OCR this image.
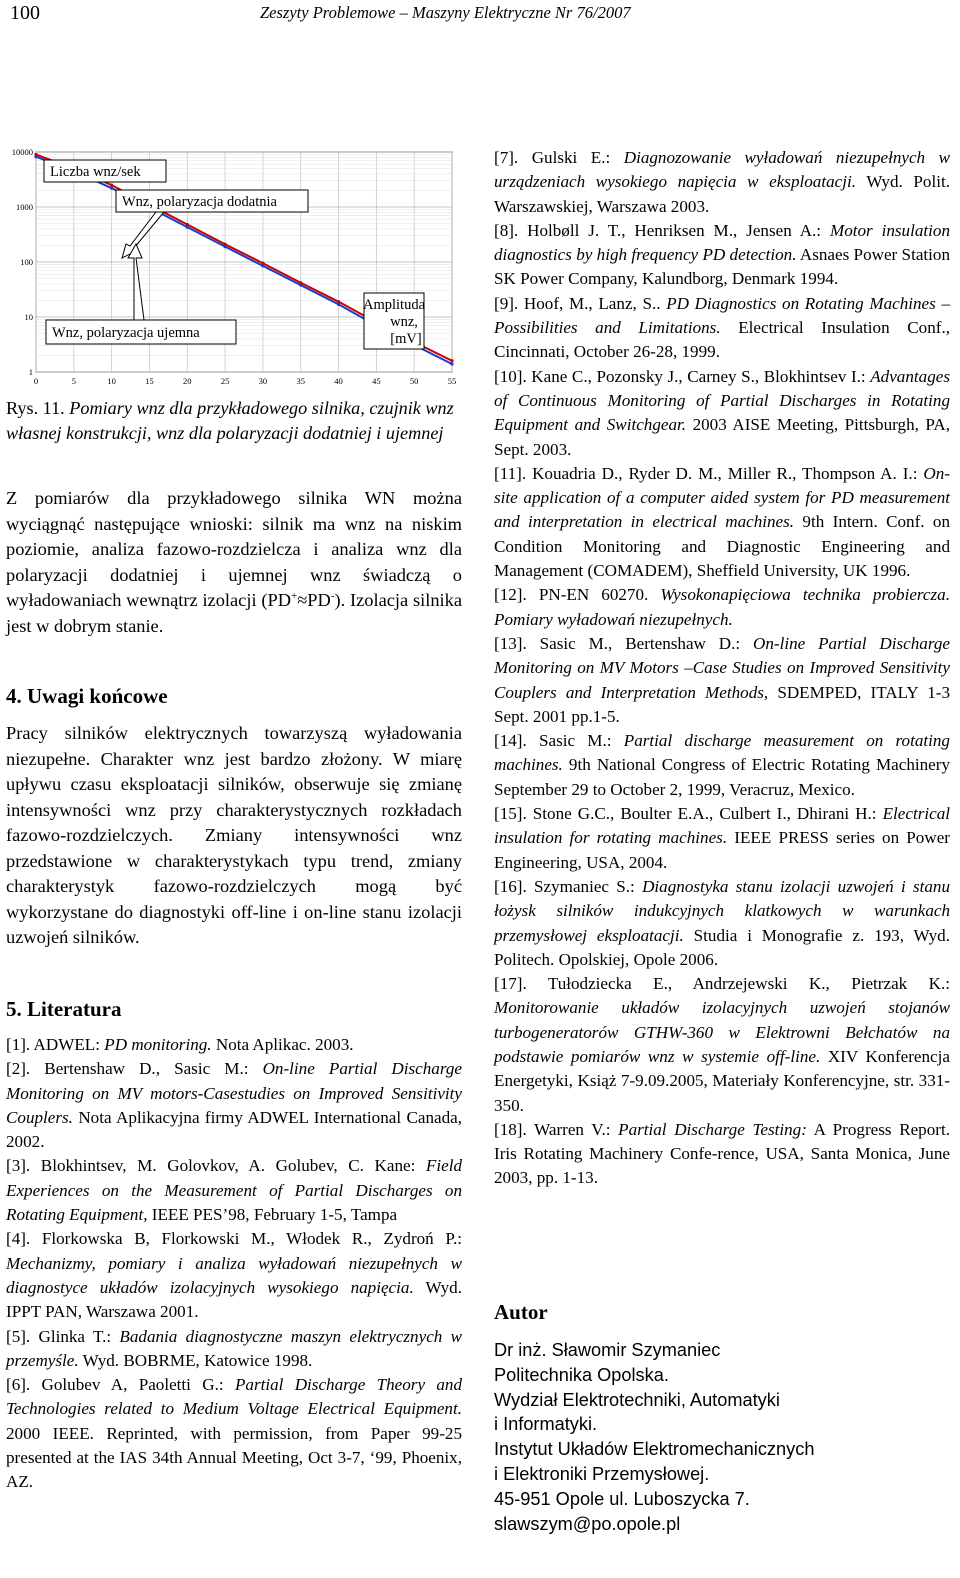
100	Zeszyty Problemowe – Maszyny Elektryczne Nr 76/2007
0	5	10	15	20	25	30	35	40	45	50	55
1
10
100
1000
10000
Liczba wnz/sek
Wnz, polaryzacja dodatnia
Wnz, polaryzacja ujemna
Amplituda
wnz,
[mV]
Rys. 11. Pomiary wnz dla przykładowego silnika, czujnik wnz własnej konstrukcji, wnz dla polaryzacji dodatniej i ujemnej
Z pomiarów dla przykładowego silnika WN można wyciągnąć następujące wnioski: silnik ma wnz na niskim poziomie, analiza fazowo-rozdzielcza i analiza wnz dla polaryzacji dodatniej i ujemnej wnz świadczą o wyładowaniach wewnątrz izolacji (PD+≈PD-). Izolacja silnika jest w dobrym stanie.
4. Uwagi końcowe
Pracy silników elektrycznych towarzyszą wyładowania niezupełne. Charakter wnz jest bardzo złożony. W miarę upływu czasu eksploatacji silników, obserwuje się zmianę intensywności wnz przy charakterystycznych rozkładach fazowo-rozdzielczych. Zmiany intensywności wnz przedstawione w charakterystykach typu trend, zmiany charakterystyk fazowo-rozdzielczych mogą być wykorzystane do diagnostyki off-line i on-line stanu izolacji uzwojeń silników.
5. Literatura
[1]. ADWEL: PD monitoring. Nota Aplikac. 2003.
[2]. Bertenshaw D., Sasic M.: On-line Partial Discharge Monitoring on MV motors-Casestudies on Improved Sensitivity Couplers. Nota Aplikacyjna firmy ADWEL International Canada, 2002.
[3]. Blokhintsev, M. Golovkov, A. Golubev, C. Kane: Field Experiences on the Measurement of Partial Discharges on Rotating Equipment, IEEE PES’98, February 1-5, Tampa
[4]. Florkowska B, Florkowski M., Włodek R., Zydroń P.: Mechanizmy, pomiary i analiza wyładowań niezupełnych w diagnostyce układów izolacyjnych wysokiego napięcia. Wyd. IPPT PAN, Warszawa 2001.
[5]. Glinka T.: Badania diagnostyczne maszyn elektrycznych w przemyśle. Wyd. BOBRME, Katowice 1998.
[6]. Golubev A, Paoletti G.: Partial Discharge Theory and Technologies related to Medium Voltage Electrical Equipment. 2000 IEEE. Reprinted, with permission, from Paper 99-25 presented at the IAS 34th Annual Meeting, Oct 3-7, ‘99, Phoenix, AZ.
[7]. Gulski E.: Diagnozowanie wyładowań niezupełnych w urządzeniach wysokiego napięcia w eksploatacji. Wyd. Polit. Warszawskiej, Warszawa 2003.
[8]. Holbøll J. T., Henriksen M., Jensen A.: Motor insulation diagnostics by high frequency PD detection. Asnaes Power Station SK Power Company, Kalundborg, Denmark 1994.
[9]. Hoof, M., Lanz, S.. PD Diagnostics on Rotating Machines – Possibilities and Limitations. Electrical Insulation Conf., Cincinnati, October 26-28, 1999.
[10]. Kane C., Pozonsky J., Carney S., Blokhintsev I.: Advantages of Continuous Monitoring of Partial Discharges in Rotating Equipment and Switchgear. 2003 AISE Meeting, Pittsburgh, PA, Sept. 2003.
[11]. Kouadria D., Ryder D. M., Miller R., Thompson A. I.: On-site application of a computer aided system for PD measurement and interpretation in electrical machines. 9th Intern. Conf. on Condition Monitoring and Diagnostic Engineering and Management (COMADEM), Sheffield University, UK 1996.
[12]. PN-EN 60270. Wysokonapięciowa technika probiercza. Pomiary wyładowań niezupełnych.
[13]. Sasic M., Bertenshaw D.: On-line Partial Discharge Monitoring on MV Motors –Case Studies on Improved Sensitivity Couplers and Interpretation Methods, SDEMPED, ITALY 1-3 Sept. 2001 pp.1-5.
[14]. Sasic M.: Partial discharge measurement on rotating machines. 9th National Congress of Electric Rotating Machinery September 29 to October 2, 1999, Veracruz, Mexico.
[15]. Stone G.C., Boulter E.A., Culbert I., Dhirani H.: Electrical insulation for rotating machines. IEEE PRESS series on Power Engineering, USA, 2004.
[16]. Szymaniec S.: Diagnostyka stanu izolacji uzwojeń i stanu łożysk silników indukcyjnych klatkowych w warunkach przemysłowej eksploatacji. Studia i Monografie z. 193, Wyd. Politech. Opolskiej, Opole 2006.
[17]. Tułodziecka E., Andrzejewski K., Pietrzak K.: Monitorowanie układów izolacyjnych uzwojeń stojanów turbogeneratorów GTHW-360 w Elektrowni Bełchatów na podstawie pomiarów wnz w systemie off-line. XIV Konferencja Energetyki, Książ 7-9.09.2005, Materiały Konferencyjne, str. 331-350.
[18]. Warren V.: Partial Discharge Testing: A Progress Report. Iris Rotating Machinery Confe-rence, USA, Santa Monica, June 2003, pp. 1-13.
Autor
Dr inż. Sławomir Szymaniec
Politechnika Opolska.
Wydział Elektrotechniki, Automatyki
i Informatyki.
Instytut Układów Elektromechanicznych
i Elektroniki Przemysłowej.
45-951 Opole ul. Luboszycka 7.
slawszym@po.opole.pl
